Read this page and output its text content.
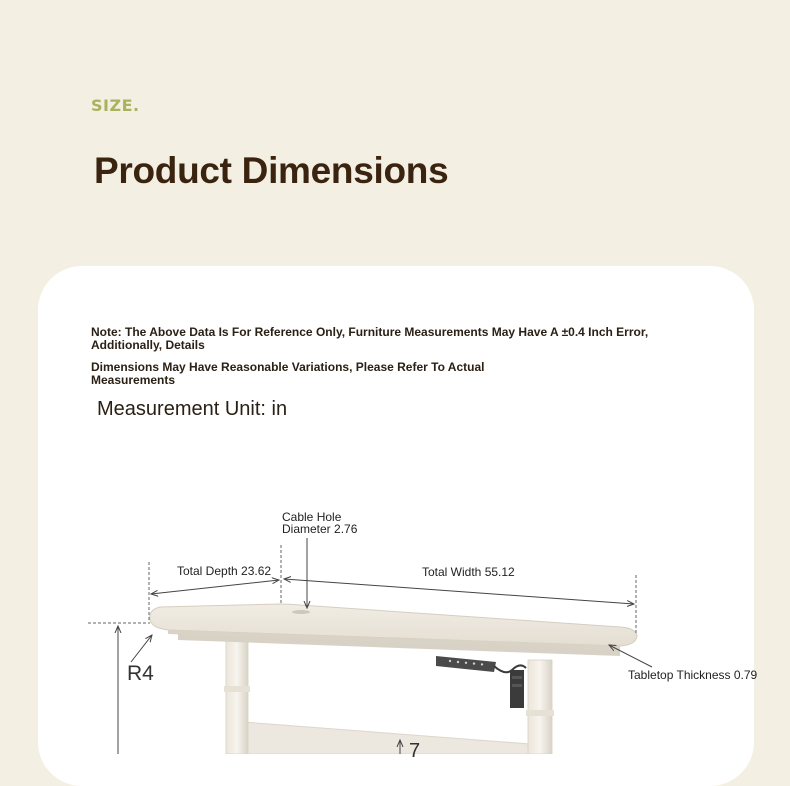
SIZE.
Product Dimensions

Note: The Above Data Is For Reference Only, Furniture Measurements May Have A ±0.4 Inch Error, Additionally, Details

Dimensions May Have Reasonable Variations, Please Refer To Actual Measurements

Measurement Unit: in
Cable Hole
Diameter 2.76
Total Depth 23.62	Total Width 55.12
Tabletop Thickness 0.79
R4
7
